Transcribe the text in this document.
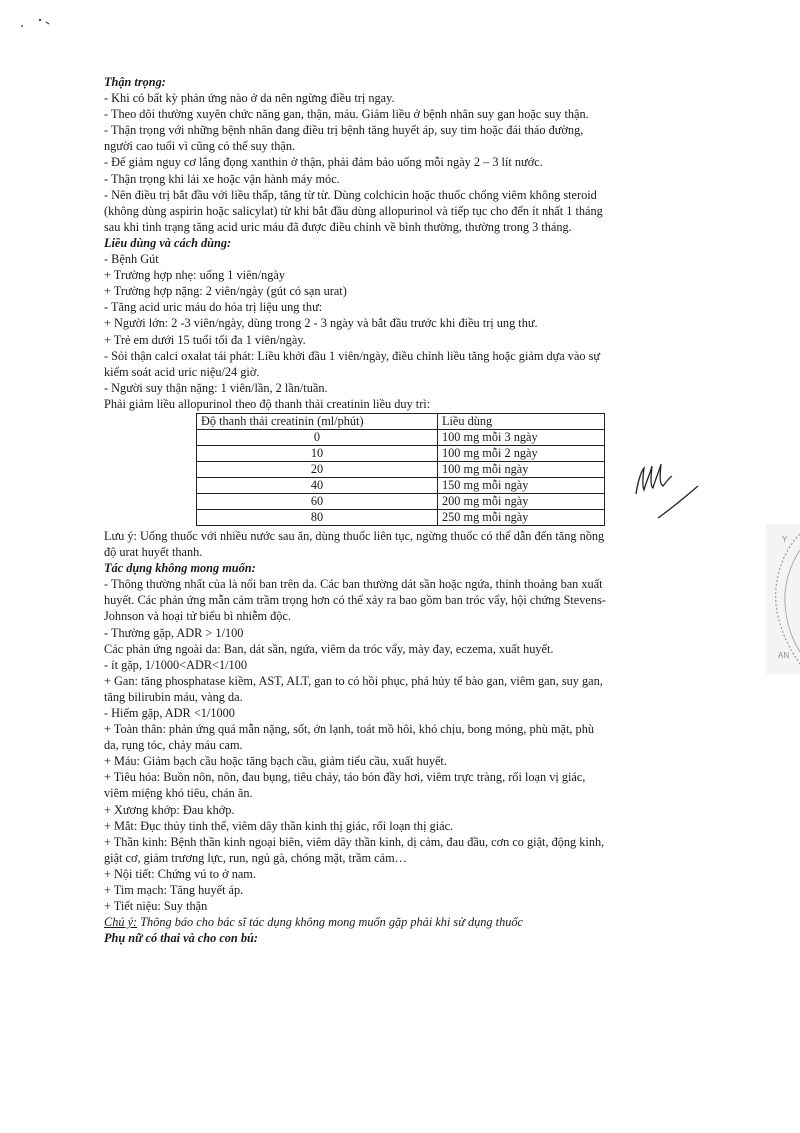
Thận trọng:
- Khi có bất kỳ phản ứng nào ở da nên ngừng điều trị ngay.
- Theo dõi thường xuyên chức năng gan, thận, máu. Giảm liều ở bệnh nhân suy gan hoặc suy thận.
- Thận trọng với những bệnh nhân đang điều trị bệnh tăng huyết áp, suy tim hoặc đái tháo đường,
người cao tuổi vì cũng có thể suy thận.
- Để giảm nguy cơ lắng đọng xanthin ở thận, phải đảm bảo uống mỗi ngày 2 – 3 lít nước.
- Thận trọng khi lái xe hoặc vận hành máy móc.
- Nên điều trị bắt đầu với liều thấp, tăng từ từ. Dùng colchicin hoặc thuốc chống viêm không steroid
(không dùng aspirin hoặc salicylat) từ khi bắt đầu dùng allopurinol và tiếp tục cho đến ít nhất 1 tháng
sau khi tình trạng tăng acid uric máu đã được điều chỉnh về bình thường, thường trong 3 tháng.
Liều dùng và cách dùng:
- Bệnh Gút
+ Trường hợp nhẹ: uống 1 viên/ngày
+ Trường hợp nặng: 2 viên/ngày (gút có sạn urat)
- Tăng acid uric máu do hóa trị liệu ung thư:
+ Người lớn: 2 -3 viên/ngày, dùng trong 2 - 3 ngày và bắt đầu trước khi điều trị ung thư.
+ Trẻ em dưới 15 tuổi tối đa 1 viên/ngày.
- Sỏi thận calci oxalat tái phát: Liều khởi đầu 1 viên/ngày, điều chỉnh liều tăng hoặc giảm dựa vào sự
kiểm soát acid uric niệu/24 giờ.
- Người suy thận nặng: 1 viên/lần, 2 lần/tuần.
Phải giảm liều allopurinol theo độ thanh thải creatinin liều duy trì:
Độ thanh thải creatinin (ml/phút)	Liều dùng
0	100 mg mỗi 3 ngày
10	100 mg mỗi 2 ngày
20	100 mg mỗi ngày
40	150 mg mỗi ngày
60	200 mg mỗi ngày
80	250 mg mỗi ngày
Lưu ý: Uống thuốc với nhiều nước sau ăn, dùng thuốc liên tục, ngừng thuốc có thể dẫn đến tăng nồng
độ urat huyết thanh.
Tác dụng không mong muốn:
- Thông thường nhất của là nổi ban trên da. Các ban thường dát sần hoặc ngứa, thỉnh thoảng ban xuất
huyết. Các phản ứng mẫn cảm trầm trọng hơn có thể xảy ra bao gồm ban tróc vẩy, hội chứng Stevens-
Johnson và hoại tử biểu bì nhiễm độc.
- Thường gặp, ADR > 1/100
Các phản ứng ngoài da: Ban, dát sần, ngứa, viêm da tróc vẩy, mày đay, eczema, xuất huyết.
- ít gặp, 1/1000<ADR<1/100
+ Gan: tăng phosphatase kiềm, AST, ALT, gan to có hồi phục, phá hủy tế bào gan, viêm gan, suy gan,
tăng bilirubin máu, vàng da.
- Hiếm gặp, ADR <1/1000
+ Toàn thân: phản ứng quá mẫn nặng, sốt, ớn lạnh, toát mồ hôi, khó chịu, bong móng, phù mặt, phù
da, rụng tóc, chảy máu cam.
+ Máu: Giảm bạch cầu hoặc tăng bạch cầu, giảm tiểu cầu, xuất huyết.
+ Tiêu hóa: Buồn nôn, nôn, đau bụng, tiêu chảy, táo bón đầy hơi, viêm trực tràng, rối loạn vị giác,
viêm miệng khó tiêu, chán ăn.
+ Xương khớp: Đau khớp.
+ Mắt: Đục thủy tinh thể, viêm dây thần kinh thị giác, rối loạn thị giác.
+ Thần kinh: Bệnh thần kinh ngoại biên, viêm dây thần kinh, dị cảm, đau đầu, cơn co giật, động kinh,
giật cơ, giảm trương lực, run, ngủ gà, chóng mặt, trầm cảm…
+ Nội tiết: Chứng vú to ở nam.
+ Tim mạch: Tăng huyết áp.
+ Tiết niệu: Suy thận
Chú ý: Thông báo cho bác sĩ tác dụng không mong muốn gặp phải khi sử dụng thuốc
Phụ nữ có thai và cho con bú:
Y
AN
